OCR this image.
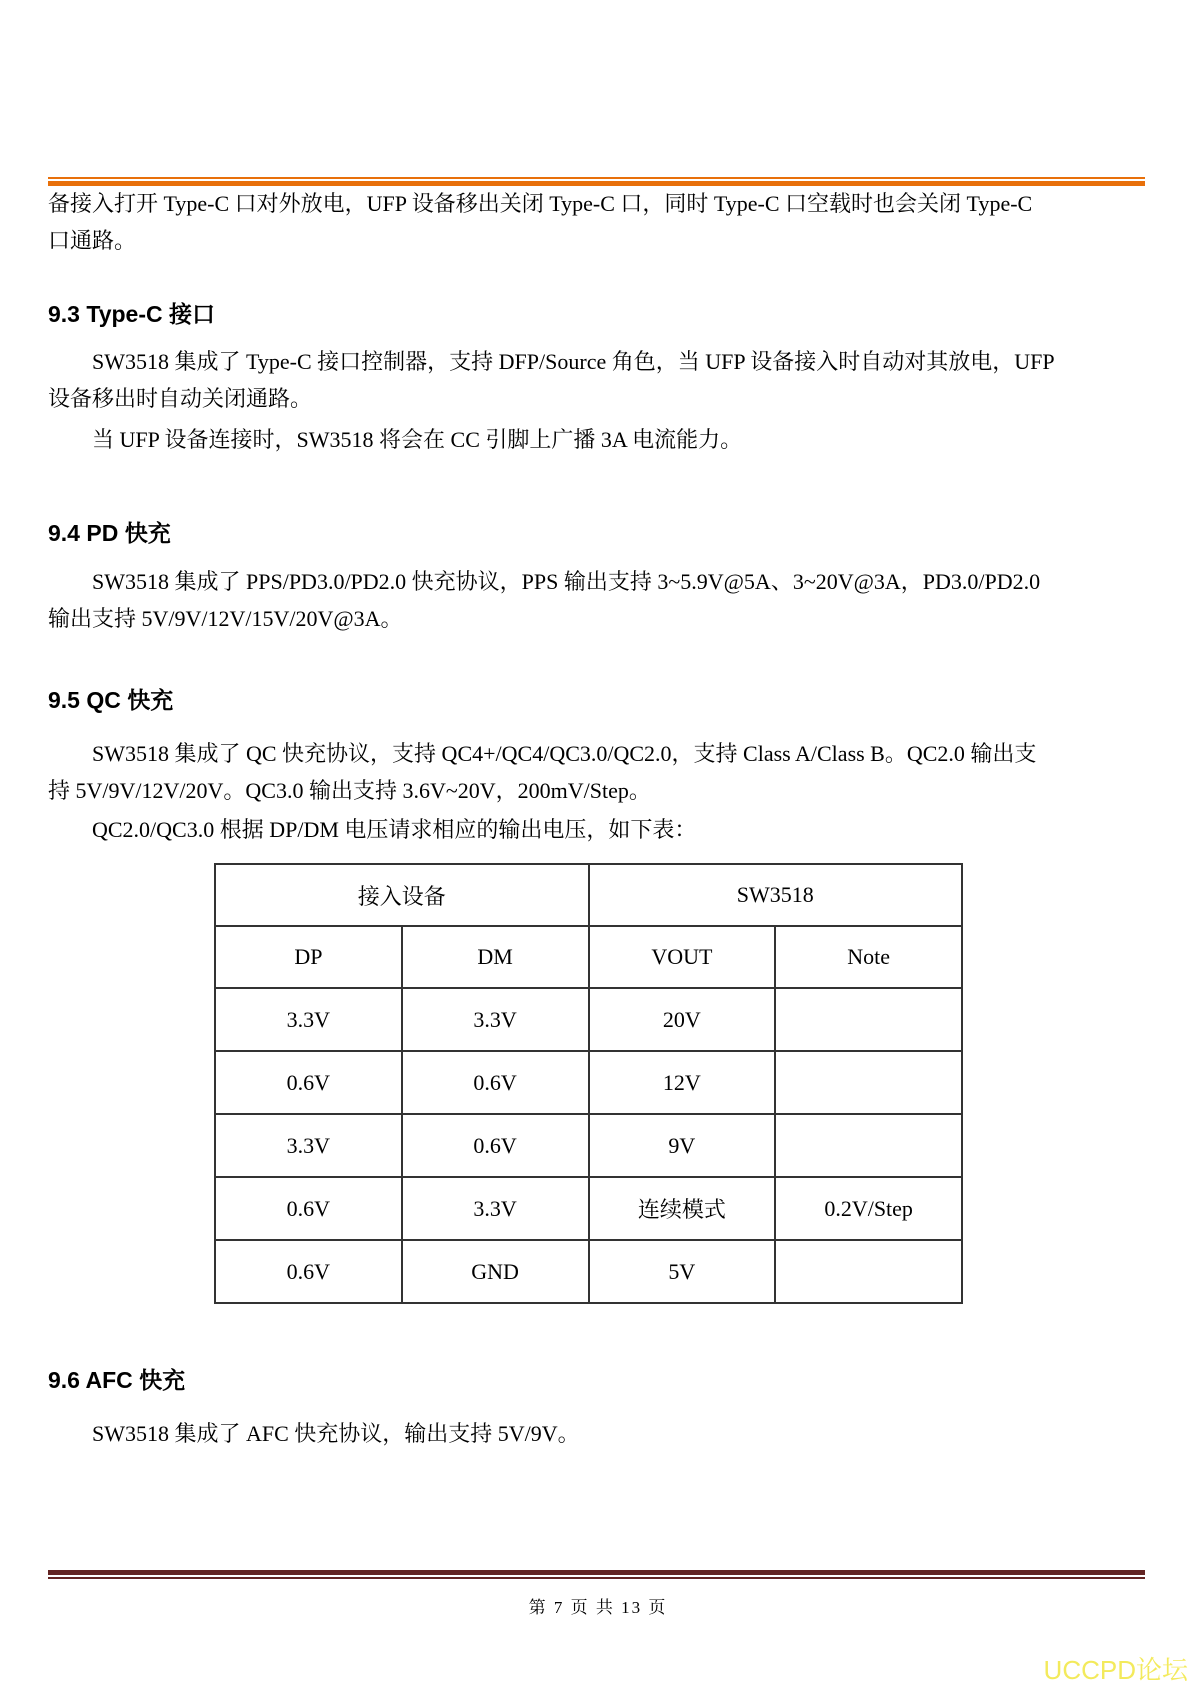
备接入打开 Type-C 口对外放电，UFP 设备移出关闭 Type-C 口，同时 Type-C 口空载时也会关闭 Type-C
口通路。
9.3 Type-C 接口
SW3518 集成了 Type-C 接口控制器，支持 DFP/Source 角色，当 UFP 设备接入时自动对其放电，UFP
设备移出时自动关闭通路。
当 UFP 设备连接时，SW3518 将会在 CC 引脚上广播 3A 电流能力。
9.4 PD 快充
SW3518 集成了 PPS/PD3.0/PD2.0 快充协议，PPS 输出支持 3~5.9V@5A、3~20V@3A，PD3.0/PD2.0
输出支持 5V/9V/12V/15V/20V@3A。
9.5 QC 快充
SW3518 集成了 QC 快充协议，支持 QC4+/QC4/QC3.0/QC2.0，支持 Class A/Class B。QC2.0 输出支
持 5V/9V/12V/20V。QC3.0 输出支持 3.6V~20V，200mV/Step。
QC2.0/QC3.0 根据 DP/DM 电压请求相应的输出电压，如下表：
接入设备		SW3518	
DP	DM	VOUT	Note
3.3V	3.3V	20V	
0.6V	0.6V	12V	
3.3V	0.6V	9V	
0.6V	3.3V	连续模式	0.2V/Step
0.6V	GND	5V	
9.6 AFC 快充
SW3518 集成了 AFC 快充协议，输出支持 5V/9V。
第 7 页 共 13 页
UCCPD论坛
